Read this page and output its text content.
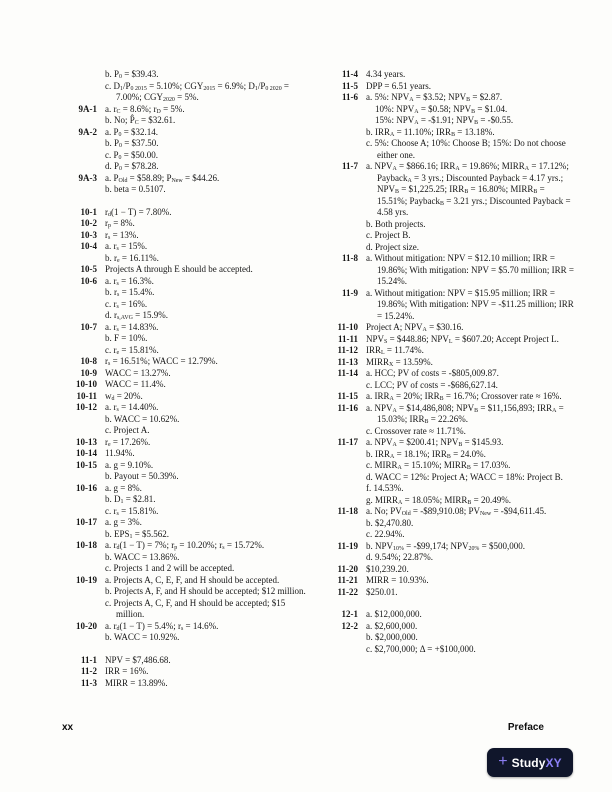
b. $P_0$ = $39.43.
c. $D_1/P_{0 2015} = 5.10\%$; $CGY_{2015} = 6.9\%$; $D_1/P_{0 2020} = 7.00\%$; $CGY_{2020} = 5\%$.
9A-1 a. $r_C = 8.6\%$; $r_D = 5\%$.
b. No; $P̂_C$ = $32.61.
9A-2 a. $P_0$ = $32.14.
b. $P_0$ = $37.50.
c. $P_0$ = $50.00.
d. $P_0$ = $78.28.
9A-3 a. $P_{Old}$ = $58.89; $P_{New}$ = $44.26.
b. beta = 0.5107.
10-1 $r_d(1 - T) = 7.80\%$.
10-2 $r_p = 8\%$.
10-3 $r_s = 13\%$.
10-4 a. $r_s = 15\%$.
b. $r_e = 16.11\%$.
10-5 Projects A through E should be accepted.
10-6 a. $r_s = 16.3\%$.
b. $r_s = 15.4\%$.
c. $r_s = 16\%$.
d. $r_{s,AVG} = 15.9\%$.
10-7 a. $r_s = 14.83\%$.
b. F = 10%.
c. $r_e = 15.81\%$.
10-8 $r_s = 16.51\%$; WACC = 12.79%.
10-9 WACC = 13.27%.
10-10 WACC = 11.4%.
10-11 $w_d = 20\%$.
10-12 a. $r_s = 14.40\%$.
b. WACC = 10.62%.
c. Project A.
10-13 $r_e = 17.26\%$.
10-14 11.94%.
10-15 a. g = 9.10%.
b. Payout = 50.39%.
10-16 a. g = 8%.
b. $D_1$ = $2.81.
c. $r_s = 15.81\%$.
10-17 a. g = 3%.
b. $EPS_1$ = $5.562.
10-18 a. $r_d(1 - T) = 7\%$; $r_p = 10.20\%$; $r_s = 15.72\%$.
b. WACC = 13.86%.
c. Projects 1 and 2 will be accepted.
10-19 a. Projects A, C, E, F, and H should be accepted.
b. Projects A, F, and H should be accepted; $12 million.
c. Projects A, C, F, and H should be accepted; $15 million.
10-20 a. $r_d(1 - T) = 5.4\%$; $r_s = 14.6\%$.
b. WACC = 10.92%.
11-1 NPV = $7,486.68.
11-2 IRR = 16%.
11-3 MIRR = 13.89%.
11-4 4.34 years.
11-5 DPP = 6.51 years.
11-6 a. 5%: $NPV_A$ = $3.52; $NPV_B$ = $2.87.
10%: $NPV_A$ = $0.58; $NPV_B$ = $1.04.
15%: $NPV_A$ = -$1.91; $NPV_B$ = -$0.55.
b. $IRR_A = 11.10\%$; $IRR_B = 13.18\%$.
c. 5%: Choose A; 10%: Choose B; 15%: Do not choose either one.
11-7 a. $NPV_A$ = $866.16; $IRR_A = 19.86\%$; $MIRR_A = 17.12\%$; Payback$_A$ = 3 yrs.; Discounted Payback = 4.17 yrs.; $NPV_B$ = $1,225.25; $IRR_B = 16.80\%$; $MIRR_B = 15.51\%$; Payback$_B$ = 3.21 yrs.; Discounted Payback = 4.58 yrs.
b. Both projects.
c. Project B.
d. Project size.
11-8 a. Without mitigation: NPV = $12.10 million; IRR = 19.86%; With mitigation: NPV = $5.70 million; IRR = 15.24%.
11-9 a. Without mitigation: NPV = $15.95 million; IRR = 19.86%; With mitigation: NPV = -$11.25 million; IRR = 15.24%.
11-10 Project A; $NPV_A$ = $30.16.
11-11 $NPV_S$ = $448.86; $NPV_L$ = $607.20; Accept Project L.
11-12 $IRR_L = 11.74\%$.
11-13 $MIRR_X = 13.59\%$.
11-14 a. HCC; PV of costs = -$805,009.87.
c. LCC; PV of costs = -$686,627.14.
11-15 a. $IRR_A = 20\%$; $IRR_B = 16.7\%$; Crossover rate ≈ 16%.
11-16 a. $NPV_A$ = $14,486,808; $NPV_B$ = $11,156,893; $IRR_A = 15.03\%$; $IRR_B = 22.26\%$.
c. Crossover rate ≈ 11.71%.
11-17 a. $NPV_A$ = $200.41; $NPV_B$ = $145.93.
b. $IRR_A = 18.1\%$; $IRR_B = 24.0\%$.
c. $MIRR_A = 15.10\%$; $MIRR_B = 17.03\%$.
d. WACC = 12%: Project A; WACC = 18%: Project B.
f. 14.53%.
g. $MIRR_A = 18.05\%$; $MIRR_B = 20.49\%$.
11-18 a. No; $PV_{Old}$ = -$89,910.08; $PV_{New}$ = -$94,611.45.
b. $2,470.80.
c. 22.94%.
11-19 b. $NPV_{10\%}$ = -$99,174; $NPV_{20\%}$ = $500,000.
d. 9.54%; 22.87%.
11-20 $10,239.20.
11-21 MIRR = 10.93%.
11-22 $250.01.
12-1 a. $12,000,000.
12-2 a. $2,600,000.
b. $2,000,000.
c. $2,700,000; Δ = +$100,000.
xx	Preface
+ StudyXY
